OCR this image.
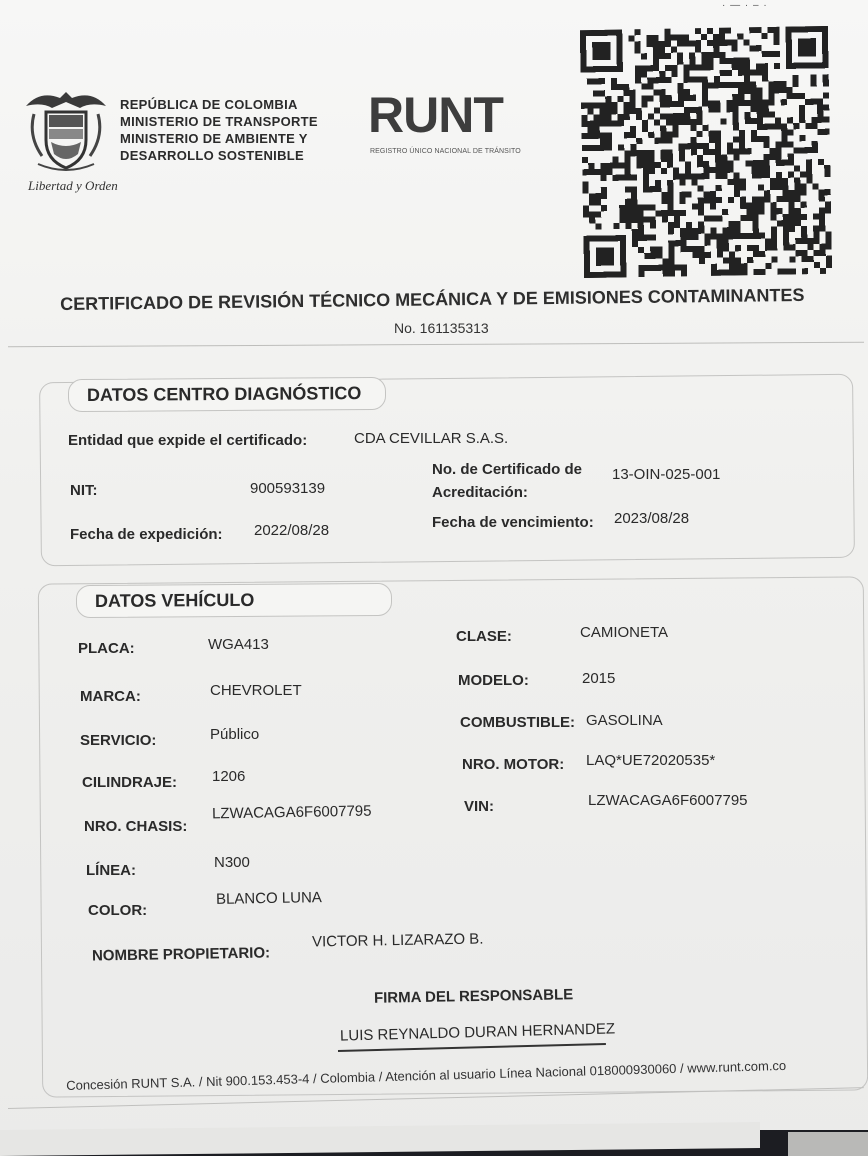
· — · – ·
Libertad y Orden
REPÚBLICA DE COLOMBIA
MINISTERIO DE TRANSPORTE
MINISTERIO DE AMBIENTE Y
DESARROLLO SOSTENIBLE
RUNT
REGISTRO ÚNICO NACIONAL DE TRÁNSITO
CERTIFICADO DE REVISIÓN TÉCNICO MECÁNICA Y DE EMISIONES CONTAMINANTES
No. 161135313
DATOS CENTRO DIAGNÓSTICO
Entidad que expide el certificado:	CDA CEVILLAR S.A.S.
NIT:	900593139
No. de Certificado de Acreditación:
13-OIN-025-001
Fecha de expedición: 2022/08/28	Fecha de vencimiento: 2023/08/28
DATOS VEHÍCULO
PLACA:	WGA413
MARCA:	CHEVROLET
SERVICIO:	Público
CILINDRAJE: 1206
NRO. CHASIS:
LZWACAGA6F6007795
LÍNEA:	N300
COLOR:
BLANCO LUNA
CLASE:	CAMIONETA
MODELO:	2015
COMBUSTIBLE: GASOLINA
NRO. MOTOR: LAQ*UE72020535*
VIN:	LZWACAGA6F6007795
NOMBRE PROPIETARIO:
VICTOR H. LIZARAZO B.
FIRMA DEL RESPONSABLE
LUIS REYNALDO DURAN HERNANDEZ
Concesión RUNT S.A. / Nit 900.153.453-4 / Colombia / Atención al usuario Línea Nacional 018000930060 / www.runt.com.co
